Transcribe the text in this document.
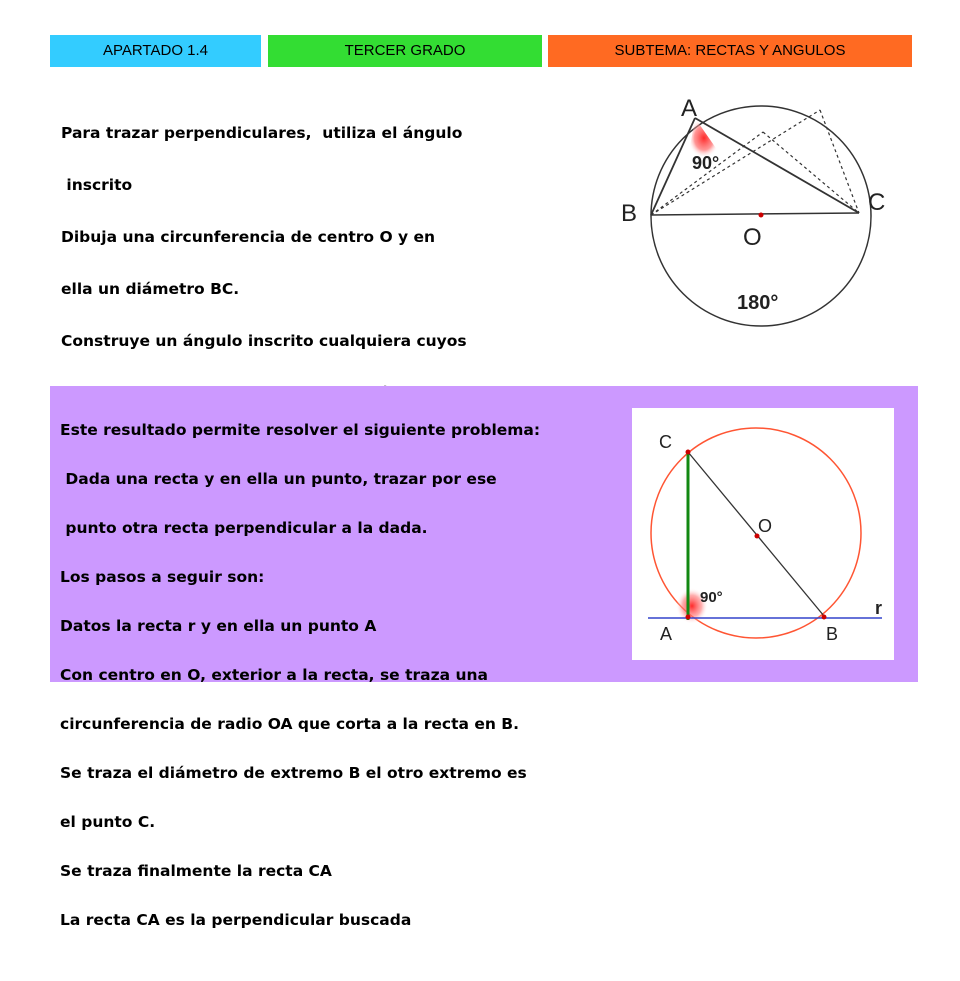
APARTADO 1.4	TERCER GRADO	SUBTEMA: RECTAS Y ANGULOS

Para trazar perpendiculares,  utiliza el ángulo

inscrito

Dibuja una circunferencia de centro O y en

ella un diámetro BC.

Construye un ángulo inscrito cualquiera cuyos

A
B	C
O
90°
180°

Este resultado permite resolver el siguiente problema:

Dada una recta y en ella un punto, trazar por ese

punto otra recta perpendicular a la dada.

Los pasos a seguir son:

Datos la recta r y en ella un punto A

Con centro en O, exterior a la recta, se traza una

circunferencia de radio OA que corta a la recta en B.

Se traza el diámetro de extremo B el otro extremo es

el punto C.

Se traza finalmente la recta CA

La recta CA es la perpendicular buscada

C
O
B
A
r
90°
